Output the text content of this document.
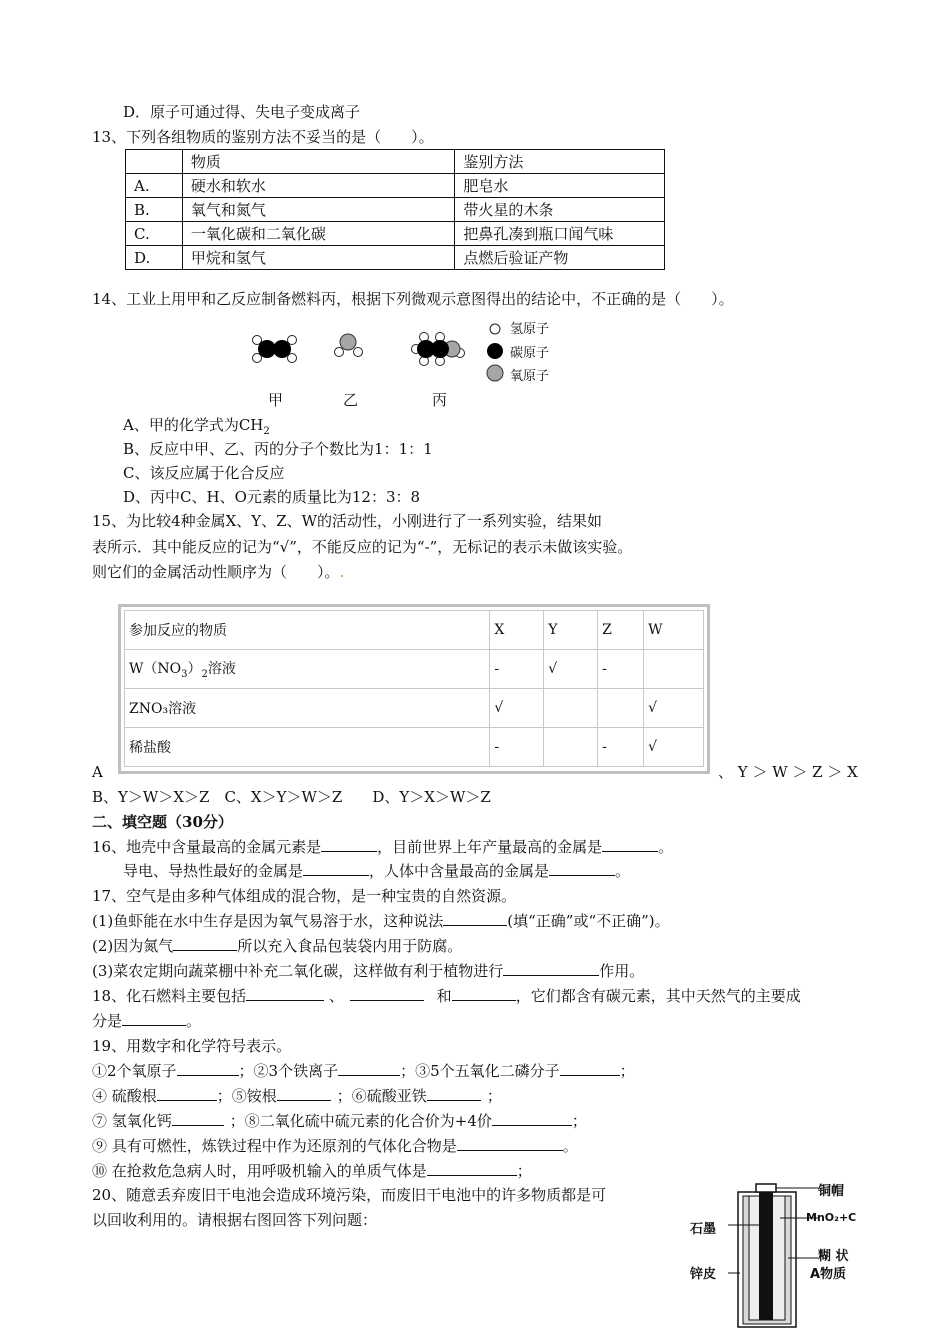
D．原子可通过得、失电子变成离子
13、下列各组物质的鉴别方法不妥当的是（　　）。
	物质	鉴别方法
A.	硬水和软水	肥皂水
B.	氧气和氮气	带火星的木条
C.	一氧化碳和二氧化碳	把鼻孔凑到瓶口闻气味
D.	甲烷和氢气	点燃后验证产物
14、工业上用甲和乙反应制备燃料丙，根据下列微观示意图得出的结论中，不正确的是（　　）。
甲	乙	丙
氢原子
碳原子
氧原子
A、甲的化学式为$CH_2$
B、反应中甲、乙、丙的分子个数比为1：1：1
C、该反应属于化合反应
D、丙中C、H、O元素的质量比为12：3：8
15、为比较4种金属X、Y、Z、W的活动性，小刚进行了一系列实验，结果如
表所示．其中能反应的记为“√”，不能反应的记为“-”，无标记的表示未做该实验。
则它们的金属活动性顺序为（　　）。.
参加反应的物质	X	Y	Z	W
$W(NO_3)_2$溶液	-	√	-	
ZNO₃溶液	√			√
稀盐酸	-		-	√
A	、 Y ＞ W ＞ Z ＞ X
B、Y＞W＞X＞Z　C、X＞Y＞W＞Z　　D、Y＞X＞W＞Z
二、填空题（30分）
16、地壳中含量最高的金属元素是	，目前世界上年产量最高的金属是	。
导电、导热性最好的金属是	，人体中含量最高的金属是	。
17、空气是由多种气体组成的混合物，是一种宝贵的自然资源。
(1)鱼虾能在水中生存是因为氧气易溶于水，这种说法	(填“正确”或“不正确”)。
(2)因为氮气	所以充入食品包装袋内用于防腐。
(3)菜农定期向蔬菜棚中补充二氧化碳，这样做有利于植物进行	作用。
18、化石燃料主要包括	、	和	，它们都含有碳元素，其中天然气的主要成
分是	。
19、用数字和化学符号表示。
①2个氧原子	；②3个铁离子	；③5个五氧化二磷分子	；
④ 硫酸根	；⑤铵根	；⑥硫酸亚铁	；
⑦ 氢氧化钙	；⑧二氧化硫中硫元素的化合价为+4价	；
⑨ 具有可燃性，炼铁过程中作为还原剂的气体化合物是	。
⑩ 在抢救危急病人时，用呼吸机输入的单质气体是	；
20、随意丢弃废旧干电池会造成环境污染，而废旧干电池中的许多物质都是可
以回收利用的。请根据右图回答下列问题：
铜帽
MnO₂+C
石墨
糊 状
A物质
锌皮
